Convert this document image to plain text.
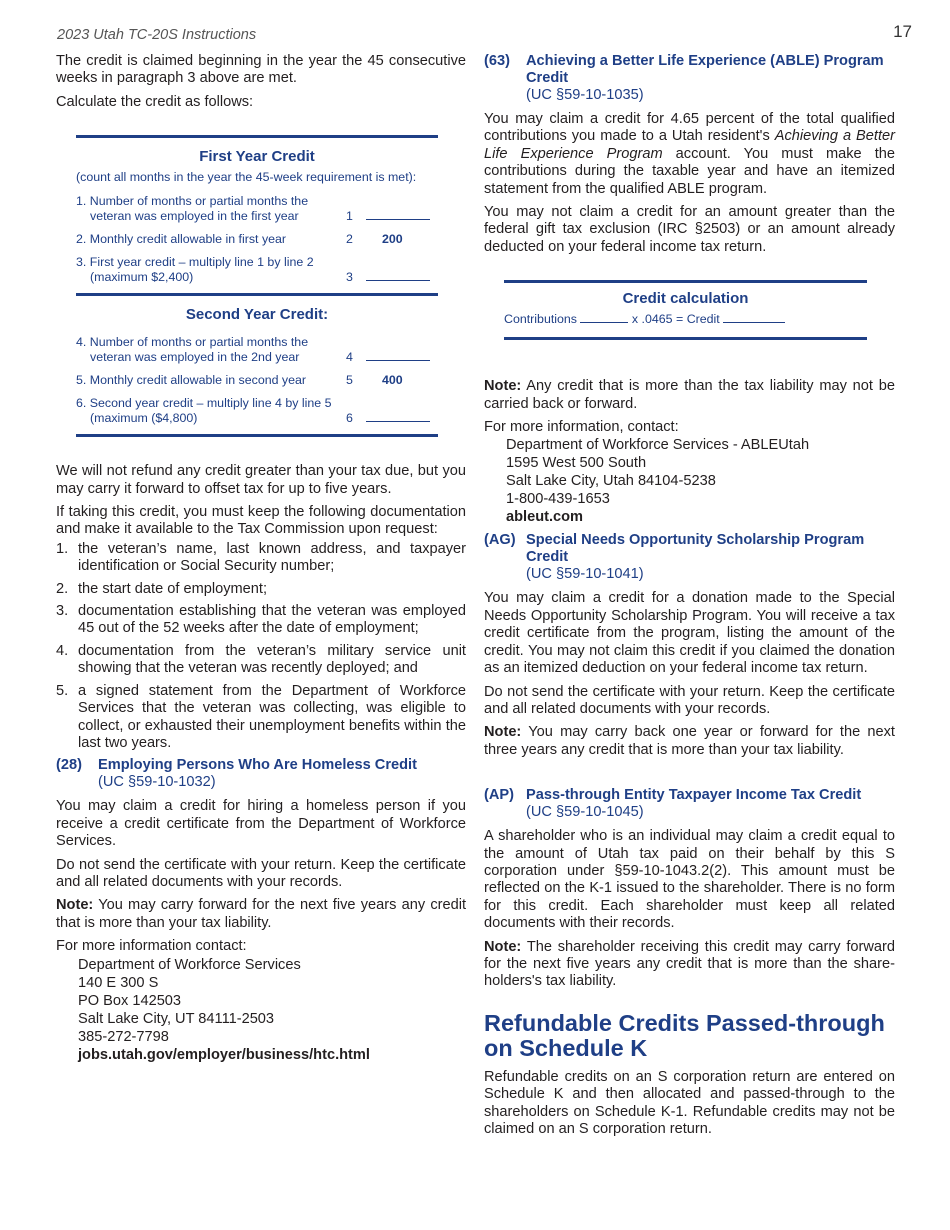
2023 Utah TC-20S Instructions	17

The credit is claimed beginning in the year the 45 consecutive weeks in paragraph 3 above are met.

Calculate the credit as follows:

First Year Credit
(count all months in the year the 45-week requirement is met):
1. Number of months or partial months the veteran was employed in the first year	1
2. Monthly credit allowable in first year	2	200
3. First year credit – multiply line 1 by line 2 (maximum $2,400)	3
Second Year Credit:
4. Number of months or partial months the veteran was employed in the 2nd year	4
5. Monthly credit allowable in second year	5	400
6. Second year credit – multiply line 4 by line 5 (maximum ($4,800)	6

We will not refund any credit greater than your tax due, but you may carry it forward to offset tax for up to five years.

If taking this credit, you must keep the following documentation and make it available to the Tax Commission upon request:

1. the veteran’s name, last known address, and taxpayer identification or Social Security number;
2. the start date of employment;
3. documentation establishing that the veteran was employed 45 out of the 52 weeks after the date of employment;
4. documentation from the veteran’s military service unit showing that the veteran was recently deployed; and
5. a signed statement from the Department of Workforce Services that the veteran was collecting, was eligible to collect, or exhausted their unemployment benefits within the last two years.
(28)	Employing Persons Who Are Homeless Credit
(UC §59-10-1032)

You may claim a credit for hiring a homeless person if you receive a credit certificate from the Department of Workforce Services.

Do not send the certificate with your return. Keep the certificate and all related documents with your records.

Note: You may carry forward for the next five years any credit that is more than your tax liability.

For more information contact:

Department of Workforce Services
140 E 300 S
PO Box 142503
Salt Lake City, UT 84111-2503
385-272-7798
jobs.utah.gov/employer/business/htc.html
(63)	Achieving a Better Life Experience (ABLE) Program Credit
(UC §59-10-1035)

You may claim a credit for 4.65 percent of the total qualified contributions you made to a Utah resident's Achieving a Better Life Experience Program account. You must make the contributions during the taxable year and have an itemized statement from the qualified ABLE program.

You may not claim a credit for an amount greater than the federal gift tax exclusion (IRC §2503) or an amount already deducted on your federal income tax return.

Credit calculation
Contributions	x .0465 = Credit

Note: Any credit that is more than the tax liability may not be carried back or forward.

For more information, contact:

Department of Workforce Services - ABLEUtah
1595 West 500 South
Salt Lake City, Utah 84104-5238
1-800-439-1653
ableut.com
(AG) Special Needs Opportunity Scholarship Program Credit
(UC §59-10-1041)

You may claim a credit for a donation made to the Special Needs Opportunity Scholarship Program. You will receive a tax credit certificate from the program, listing the amount of the credit. You may not claim this credit if you claimed the donation as an itemized deduction on your federal income tax return.

Do not send the certificate with your return. Keep the certificate and all related documents with your records.

Note: You may carry back one year or forward for the next three years any credit that is more than your tax liability.

(AP) Pass-through Entity Taxpayer Income Tax Credit
(UC §59-10-1045)

A shareholder who is an individual may claim a credit equal to the amount of Utah tax paid on their behalf by this S corporation under §59-10-1043.2(2). This amount must be reflected on the K-1 issued to the shareholder. There is no form for this credit. Each shareholder must keep all related documents with their records.

Note: The shareholder receiving this credit may carry forward for the next five years any credit that is more than the share-holders's tax liability.

Refundable Credits Passed-through on Schedule K

Refundable credits on an S corporation return are entered on Schedule K and then allocated and passed-through to the shareholders on Schedule K-1. Refundable credits may not be claimed on an S corporation return.
